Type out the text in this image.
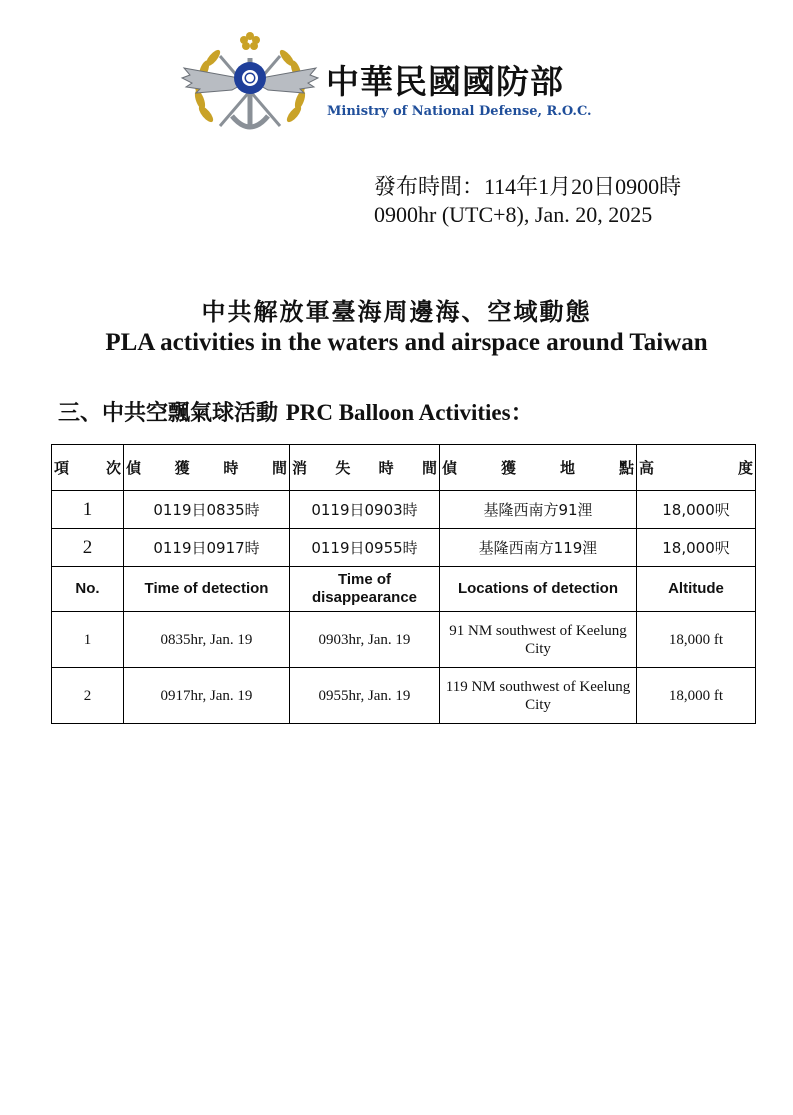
中華民國國防部
Ministry of National Defense, R.O.C.
發布時間：114年1月20日0900時
0900hr (UTC+8), Jan. 20, 2025
中共解放軍臺海周邊海、空域動態
PLA activities in the waters and airspace around Taiwan
三、中共空飄氣球活動 PRC Balloon Activities：
項次	偵獲時間	消失時間	偵獲地點	高度
1	0119日0835時	0119日0903時	基隆西南方91浬	18,000呎
2	0119日0917時	0119日0955時	基隆西南方119浬	18,000呎
No.	Time of detection	Time of disappearance	Locations of detection	Altitude
1	0835hr, Jan. 19	0903hr, Jan. 19	91 NM southwest of Keelung City	18,000 ft
2	0917hr, Jan. 19	0955hr, Jan. 19	119 NM southwest of Keelung City	18,000 ft
